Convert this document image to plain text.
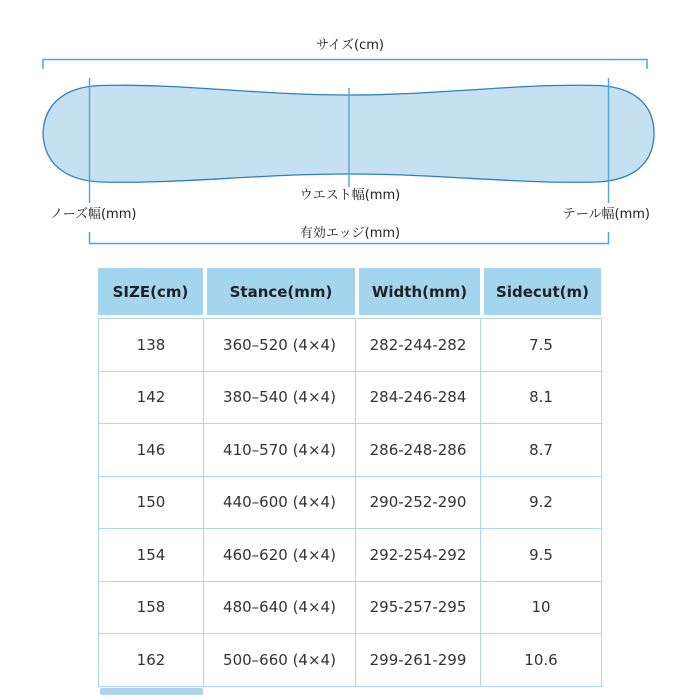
サイズ(cm)
ウエスト幅(mm)
ノーズ幅(mm)	テール幅(mm)
有効エッジ(mm)
SIZE(cm)	Stance(mm)	Width(mm)	Sidecut(m)
138	360–520 (4×4)	282-244-282	7.5
142	380–540 (4×4)	284-246-284	8.1
146	410–570 (4×4)	286-248-286	8.7
150	440–600 (4×4)	290-252-290	9.2
154	460–620 (4×4)	292-254-292	9.5
158	480–640 (4×4)	295-257-295	10
162	500–660 (4×4)	299-261-299	10.6
